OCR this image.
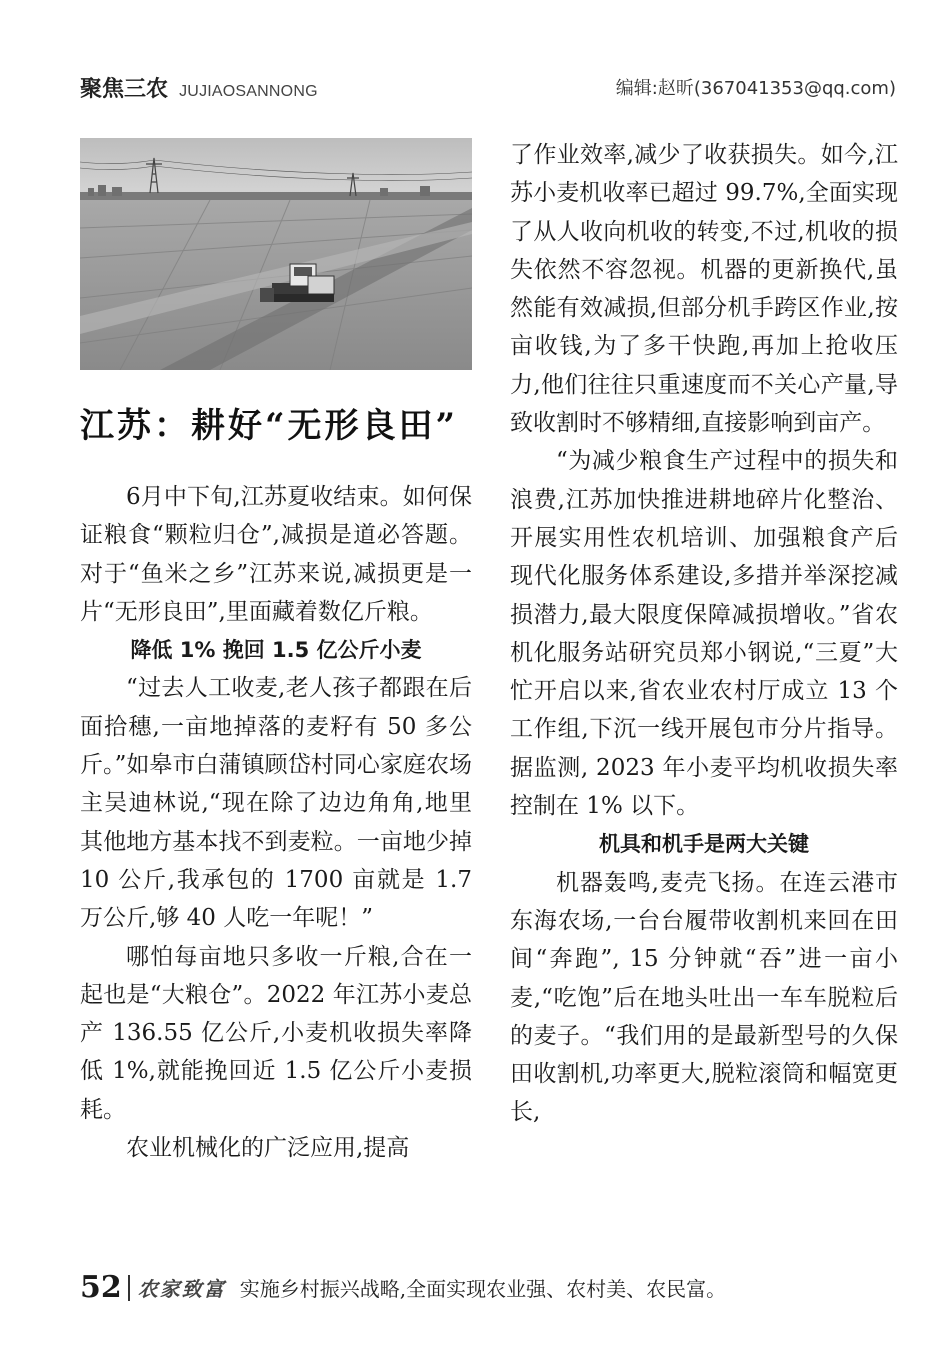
聚焦三农 JUJIAOSANNONG	编辑:赵昕(367041353@qq.com)
江苏：耕好“无形良田”

6月中下旬,江苏夏收结束。如何保证粮食“颗粒归仓”,减损是道必答题。对于“鱼米之乡”江苏来说,减损更是一片“无形良田”,里面藏着数亿斤粮。

降低 1% 挽回 1.5 亿公斤小麦

“过去人工收麦,老人孩子都跟在后面拾穗,一亩地掉落的麦籽有 50 多公斤。”如皋市白蒲镇顾岱村同心家庭农场主吴迪林说,“现在除了边边角角,地里其他地方基本找不到麦粒。一亩地少掉 10 公斤,我承包的 1700 亩就是 1.7 万公斤,够 40 人吃一年呢！”

哪怕每亩地只多收一斤粮,合在一起也是“大粮仓”。2022 年江苏小麦总产 136.55 亿公斤,小麦机收损失率降低 1%,就能挽回近 1.5 亿公斤小麦损耗。

农业机械化的广泛应用,提高

了作业效率,减少了收获损失。如今,江苏小麦机收率已超过 99.7%,全面实现了从人收向机收的转变,不过,机收的损失依然不容忽视。机器的更新换代,虽然能有效减损,但部分机手跨区作业,按亩收钱,为了多干快跑,再加上抢收压力,他们往往只重速度而不关心产量,导致收割时不够精细,直接影响到亩产。

“为减少粮食生产过程中的损失和浪费,江苏加快推进耕地碎片化整治、开展实用性农机培训、加强粮食产后现代化服务体系建设,多措并举深挖减损潜力,最大限度保障减损增收。”省农机化服务站研究员郑小钢说,“三夏”大忙开启以来,省农业农村厅成立 13 个工作组,下沉一线开展包市分片指导。据监测, 2023 年小麦平均机收损失率控制在 1% 以下。

机具和机手是两大关键

机器轰鸣,麦壳飞扬。在连云港市东海农场,一台台履带收割机来回在田间“奔跑”, 15 分钟就“吞”进一亩小麦,“吃饱”后在地头吐出一车车脱粒后的麦子。“我们用的是最新型号的久保田收割机,功率更大,脱粒滚筒和幅宽更长,

52 农家致富 实施乡村振兴战略,全面实现农业强、农村美、农民富。
